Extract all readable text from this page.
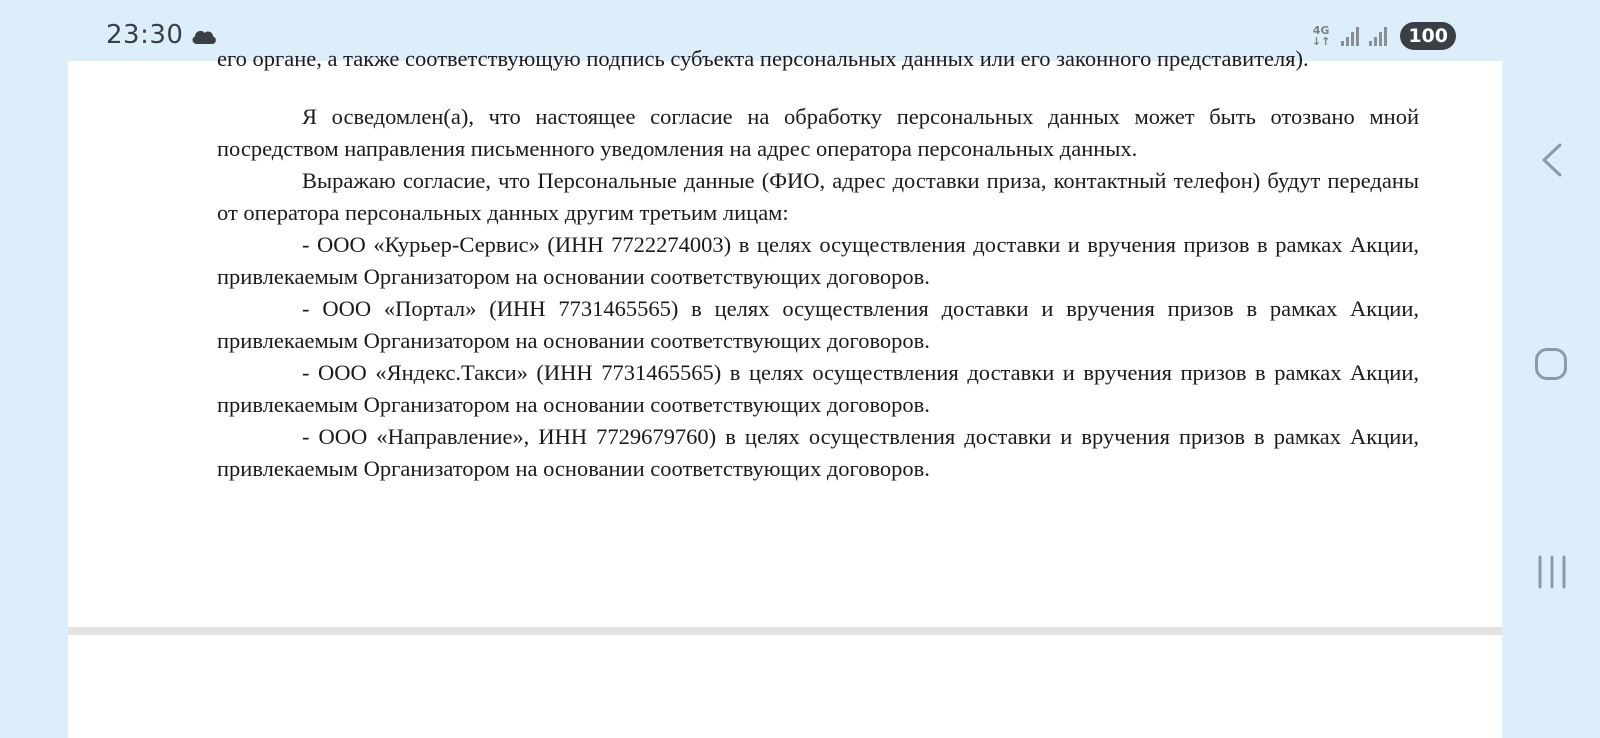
23:30	4G
↓↑	100
его органе, а также соответствующую подпись субъекта персональных данных или его законного представителя).

Я осведомлен(а), что настоящее согласие на обработку персональных данных может быть отозвано мной посредством направления письменного уведомления на адрес оператора персональных данных.

Выражаю согласие, что Персональные данные (ФИО, адрес доставки приза, контактный телефон) будут переданы от оператора персональных данных другим третьим лицам:

- ООО «Курьер-Сервис» (ИНН 7722274003) в целях осуществления доставки и вручения призов в рамках Акции, привлекаемым Организатором на основании соответствующих договоров.

- ООО «Портал» (ИНН 7731465565) в целях осуществления доставки и вручения призов в рамках Акции, привлекаемым Организатором на основании соответствующих договоров.

- ООО «Яндекс.Такси» (ИНН 7731465565) в целях осуществления доставки и вручения призов в рамках Акции, привлекаемым Организатором на основании соответствующих договоров.

- ООО «Направление», ИНН 7729679760) в целях осуществления доставки и вручения призов в рамках Акции, привлекаемым Организатором на основании соответствующих договоров.
